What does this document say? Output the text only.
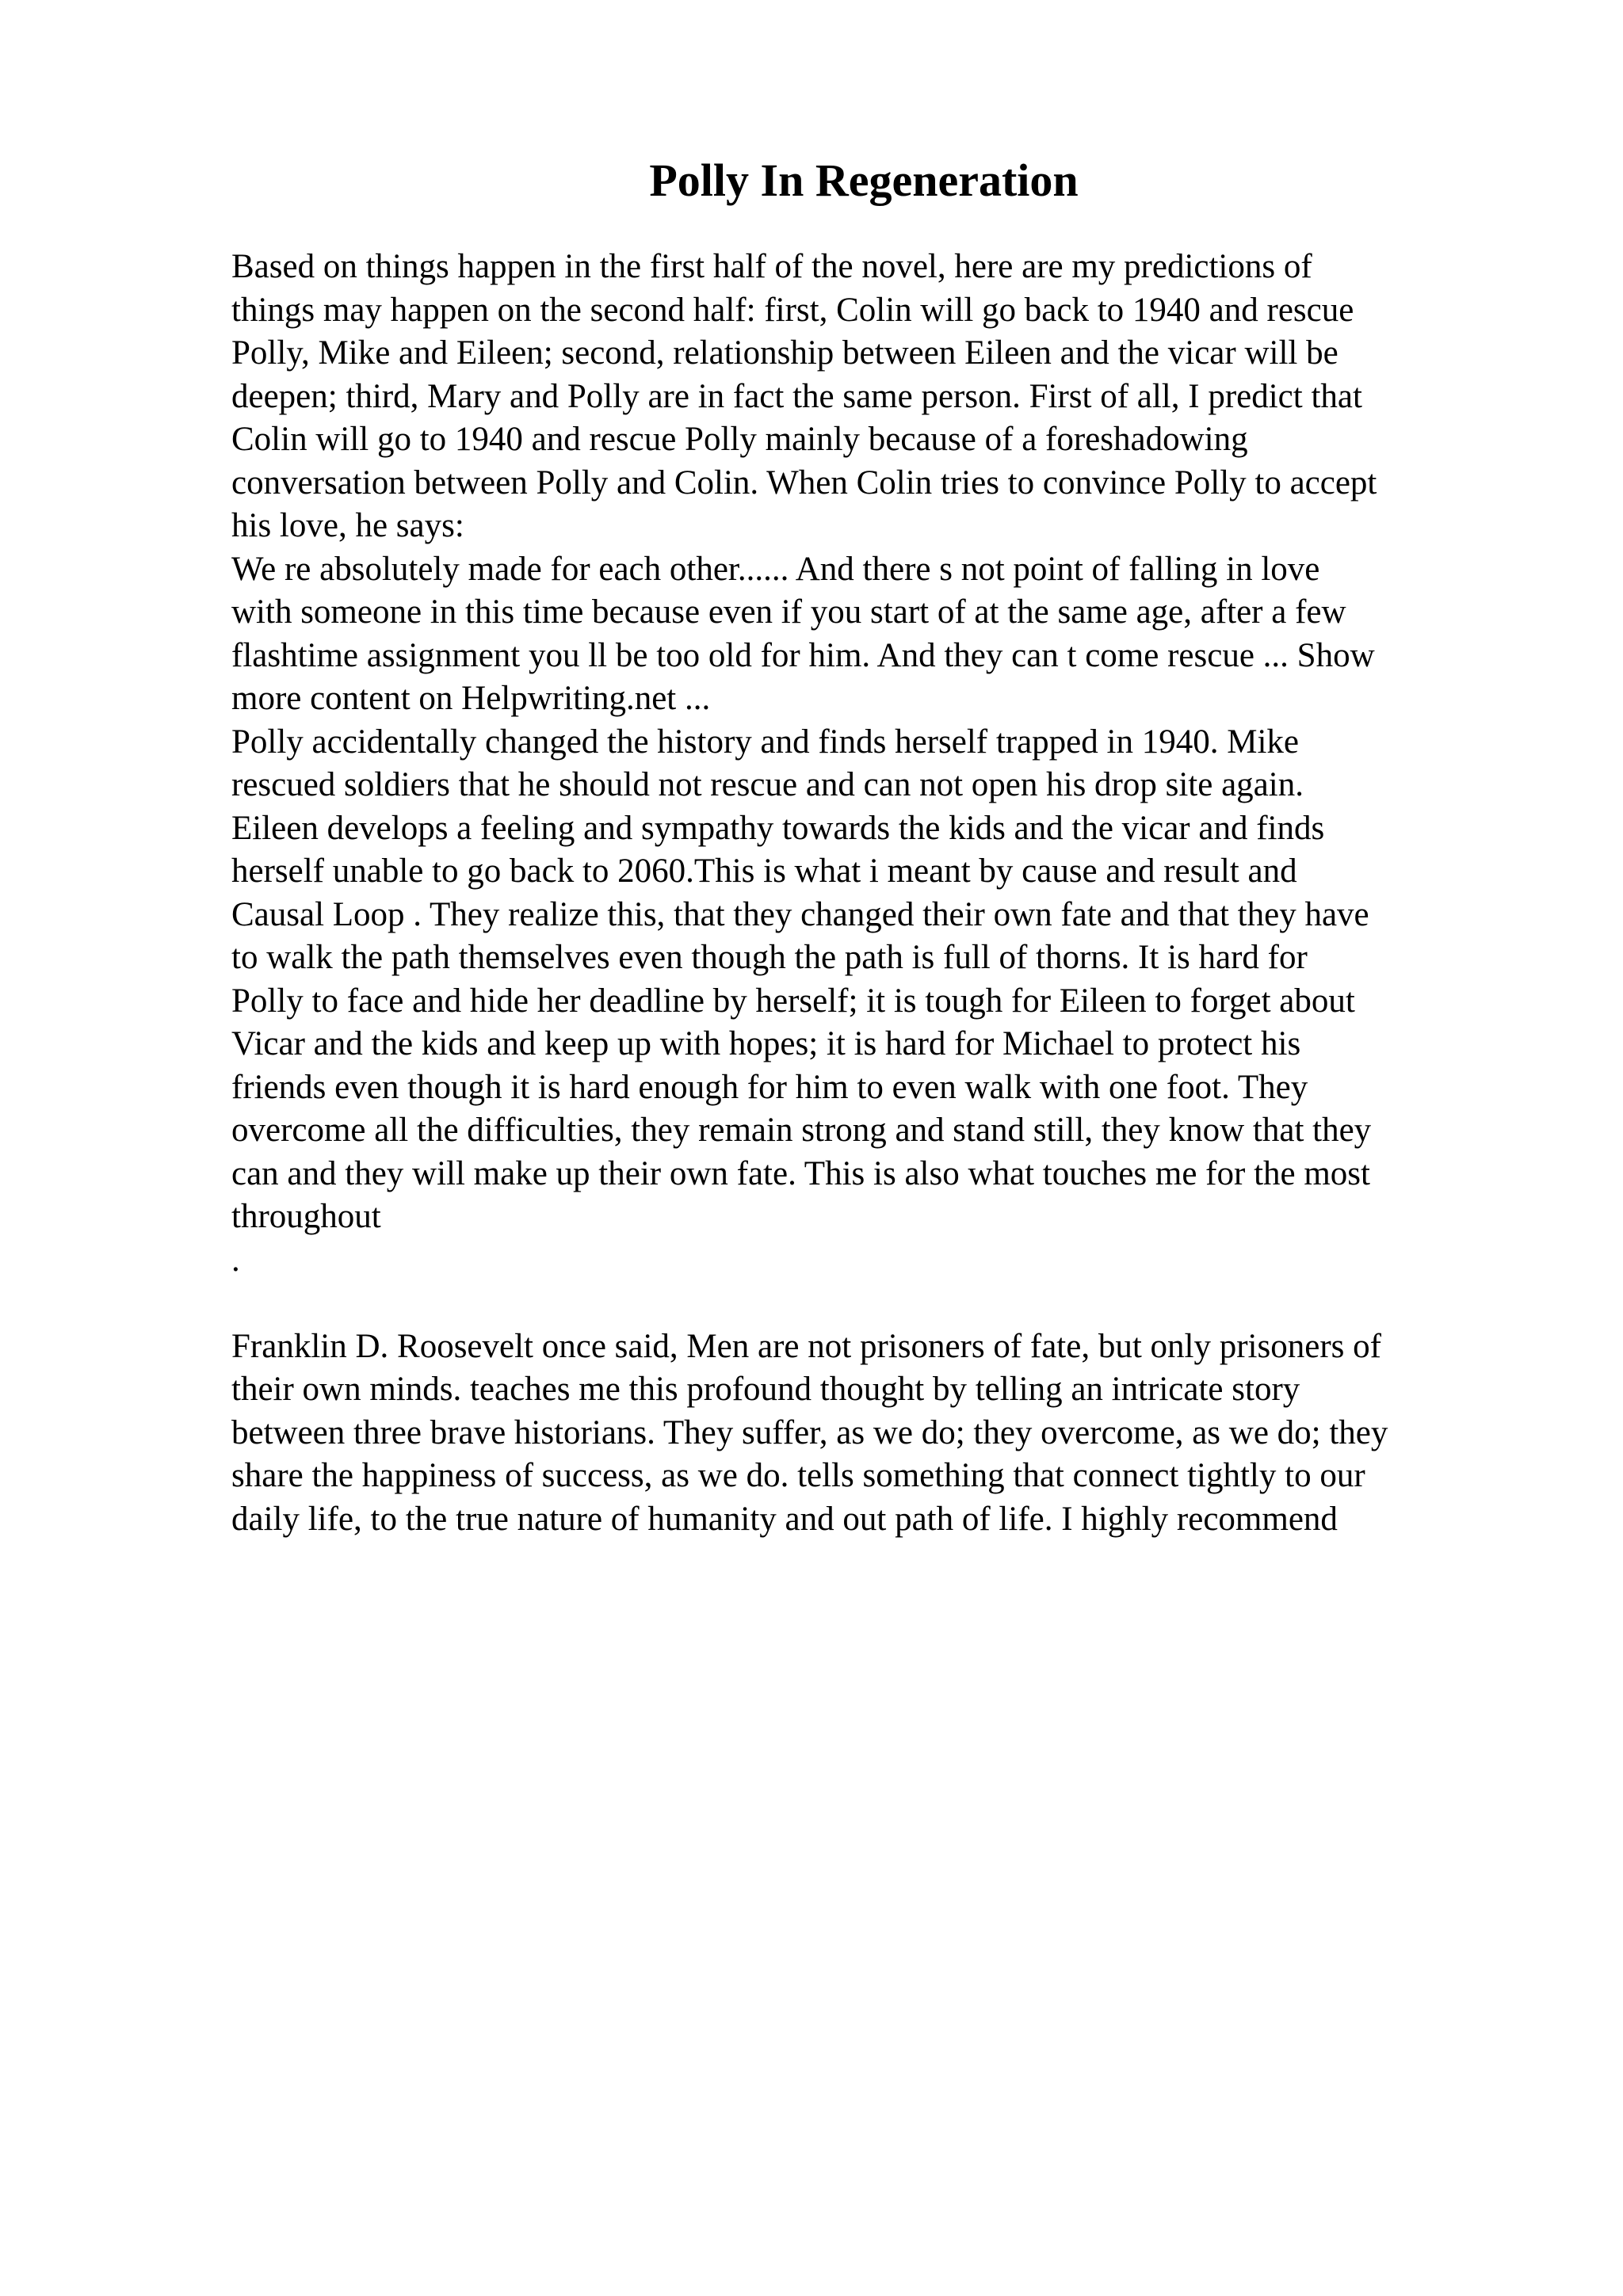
Polly In Regeneration
Based on things happen in the first half of the novel, here are my predictions of
things may happen on the second half: first, Colin will go back to 1940 and rescue
Polly, Mike and Eileen; second, relationship between Eileen and the vicar will be
deepen; third, Mary and Polly are in fact the same person. First of all, I predict that
Colin will go to 1940 and rescue Polly mainly because of a foreshadowing
conversation between Polly and Colin. When Colin tries to convince Polly to accept
his love, he says:
We re absolutely made for each other...... And there s not point of falling in love
with someone in this time because even if you start of at the same age, after a few
flashtime assignment you ll be too old for him. And they can t come rescue ... Show
more content on Helpwriting.net ...
Polly accidentally changed the history and finds herself trapped in 1940. Mike
rescued soldiers that he should not rescue and can not open his drop site again.
Eileen develops a feeling and sympathy towards the kids and the vicar and finds
herself unable to go back to 2060.This is what i meant by cause and result and
Causal Loop . They realize this, that they changed their own fate and that they have
to walk the path themselves even though the path is full of thorns. It is hard for
Polly to face and hide her deadline by herself; it is tough for Eileen to forget about
Vicar and the kids and keep up with hopes; it is hard for Michael to protect his
friends even though it is hard enough for him to even walk with one foot. They
overcome all the difficulties, they remain strong and stand still, they know that they
can and they will make up their own fate. This is also what touches me for the most
throughout
.
Franklin D. Roosevelt once said, Men are not prisoners of fate, but only prisoners of
their own minds. teaches me this profound thought by telling an intricate story
between three brave historians. They suffer, as we do; they overcome, as we do; they
share the happiness of success, as we do. tells something that connect tightly to our
daily life, to the true nature of humanity and out path of life. I highly recommend
